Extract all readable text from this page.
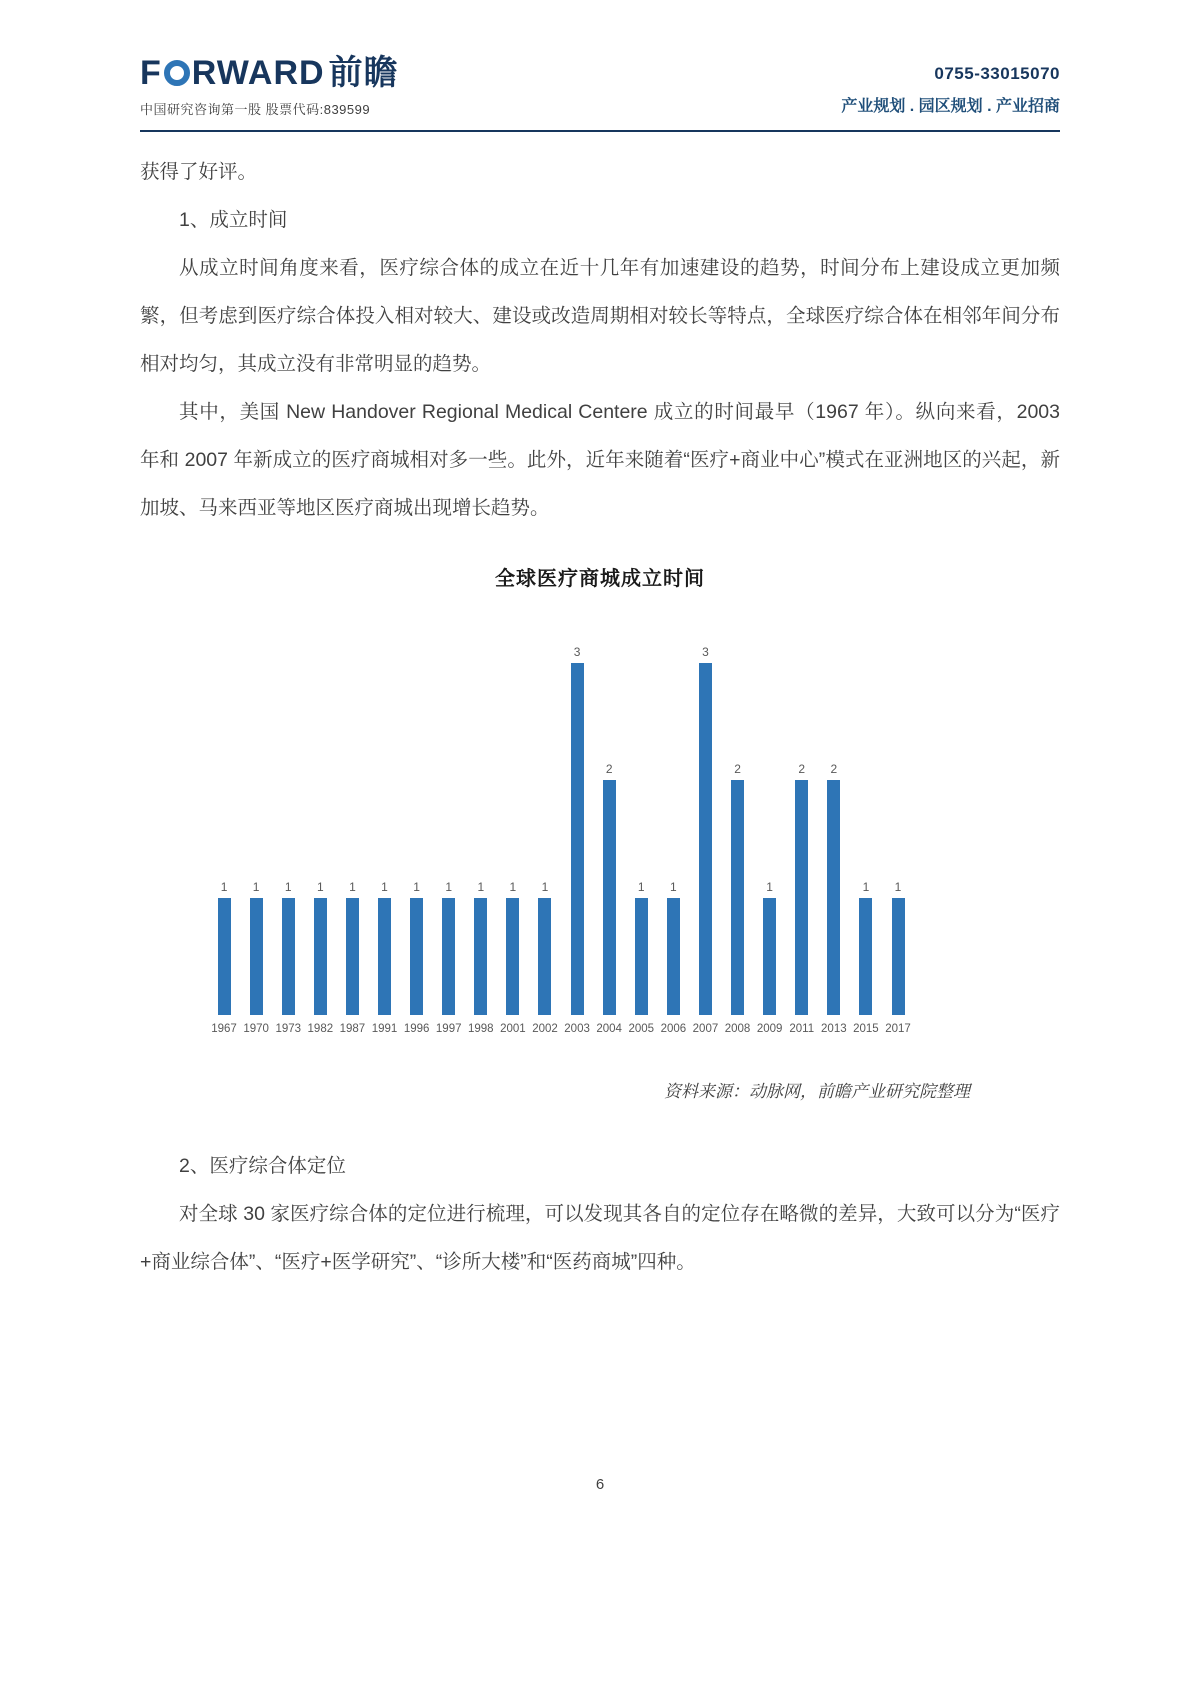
F RWARD 前瞻
中国研究咨询第一股 股票代码:839599
0755-33015070
产业规划 . 园区规划 . 产业招商

获得了好评。

1、成立时间

从成立时间角度来看，医疗综合体的成立在近十几年有加速建设的趋势，时间分布上建设成立更加频繁，但考虑到医疗综合体投入相对较大、建设或改造周期相对较长等特点，全球医疗综合体在相邻年间分布相对均匀，其成立没有非常明显的趋势。

其中，美国 New Handover Regional Medical Centere 成立的时间最早（1967 年）。纵向来看，2003 年和 2007 年新成立的医疗商城相对多一些。此外，近年来随着“医疗+商业中心”模式在亚洲地区的兴起，新加坡、马来西亚等地区医疗商城出现增长趋势。

全球医疗商城成立时间
1 1 1 1 1 1 1 1 1 1 1
3
2
1 1
3
2
1
2 2
1 1
1967 1970 1973 1982 1987 1991 1996 1997 1998 2001 2002 2003 2004 2005 2006 2007 2008 2009 2011 2013 2015 2017
资料来源：动脉网，前瞻产业研究院整理

2、医疗综合体定位

对全球 30 家医疗综合体的定位进行梳理，可以发现其各自的定位存在略微的差异，大致可以分为“医疗+商业综合体”、“医疗+医学研究”、“诊所大楼”和“医药商城”四种。

6
